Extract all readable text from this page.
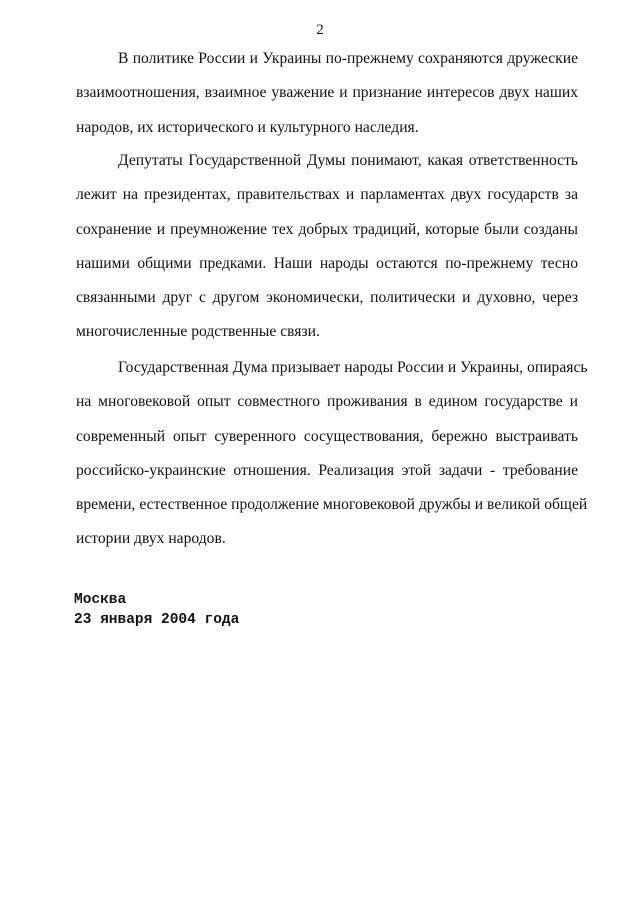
2
В политике России и Украины по-прежнему сохраняются дружеские
взаимоотношения, взаимное уважение и признание интересов двух наших
народов, их исторического и культурного наследия.
Депутаты Государственной Думы понимают, какая ответственность
лежит на президентах, правительствах и парламентах двух государств за
сохранение и преумножение тех добрых традиций, которые были созданы
нашими общими предками. Наши народы остаются по-прежнему тесно
связанными друг с другом экономически, политически и духовно, через
многочисленные родственные связи.
Государственная Дума призывает народы России и Украины, опираясь
на многовековой опыт совместного проживания в едином государстве и
современный опыт суверенного сосуществования, бережно выстраивать
российско-украинские отношения. Реализация этой задачи - требование
времени, естественное продолжение многовековой дружбы и великой общей
истории двух народов.
Москва
23 января 2004 года
